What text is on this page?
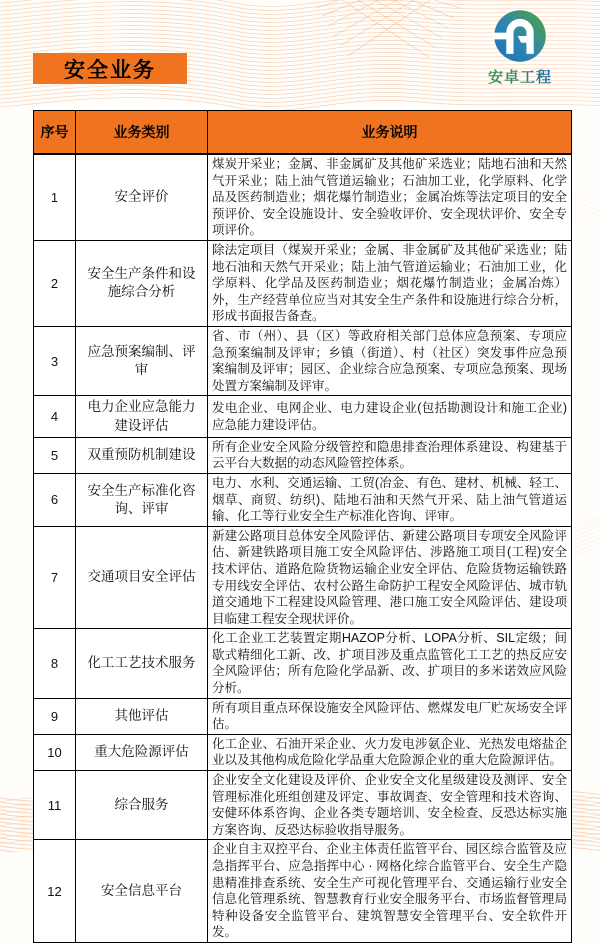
安全业务	安卓工程
序号	业务类别	业务说明
1	安全评价	煤炭开采业；金属、非金属矿及其他矿采选业；陆地石油和天然气开采业；陆上油气管道运输业；石油加工业，化学原料、化学品及医药制造业；烟花爆竹制造业；金属冶炼等法定项目的安全预评价、安全设施设计、安全验收评价、安全现状评价、安全专项评价。
2	安全生产条件和设施综合分析	除法定项目（煤炭开采业；金属、非金属矿及其他矿采选业；陆地石油和天然气开采业；陆上油气管道运输业；石油加工业，化学原料、化学品及医药制造业；烟花爆竹制造业；金属冶炼）外，生产经营单位应当对其安全生产条件和设施进行综合分析，形成书面报告备查。
3	应急预案编制、评审	省、市（州）、县（区）等政府相关部门总体应急预案、专项应急预案编制及评审；乡镇（街道）、村（社区）突发事件应急预案编制及评审；园区、企业综合应急预案、专项应急预案、现场处置方案编制及评审。
4	电力企业应急能力建设评估	发电企业、电网企业、电力建设企业(包括勘测设计和施工企业)应急能力建设评估。
5	双重预防机制建设	所有企业安全风险分级管控和隐患排查治理体系建设、构建基于云平台大数据的动态风险管控体系。
6	安全生产标准化咨询、评审	电力、水利、交通运输、工贸(冶金、有色、建材、机械、轻工、烟草、商贸、纺织)、陆地石油和天然气开采、陆上油气管道运输、化工等行业安全生产标准化咨询、评审。
7	交通项目安全评估	新建公路项目总体安全风险评估、新建公路项目专项安全风险评估、新建铁路项目施工安全风险评估、涉路施工项目(工程)安全技术评估、道路危险货物运输企业安全评估、危险货物运输铁路专用线安全评估、农村公路生命防护工程安全风险评估、城市轨道交通地下工程建设风险管理、港口施工安全风险评估、建设项目临建工程安全现状评价。
8	化工工艺技术服务	化工企业工艺装置定期HAZOP分析、LOPA分析、SIL定级；间歇式精细化工新、改、扩项目涉及重点监管化工工艺的热反应安全风险评估；所有危险化学品新、改、扩项目的多米诺效应风险分析。
9	其他评估	所有项目重点环保设施安全风险评估、燃煤发电厂贮灰场安全评估。
10	重大危险源评估	化工企业、石油开采企业、火力发电涉氨企业、光热发电熔盐企业以及其他构成危险化学品重大危险源企业的重大危险源评估。
11	综合服务	企业安全文化建设及评价、企业安全文化星级建设及测评、安全管理标准化班组创建及评定、事故调查、安全管理和技术咨询、安健环体系咨询、企业各类专题培训、安全检查、反恐达标实施方案咨询、反恐达标验收指导服务。
12	安全信息平台	企业自主双控平台、企业主体责任监管平台、园区综合监管及应急指挥平台、应急指挥中心 · 网格化综合监管平台、安全生产隐患精准排查系统、安全生产可视化管理平台、交通运输行业安全信息化管理系统、智慧教育行业安全服务平台、市场监督管理局特种设备安全监管平台、建筑智慧安全管理平台、安全软件开发。
